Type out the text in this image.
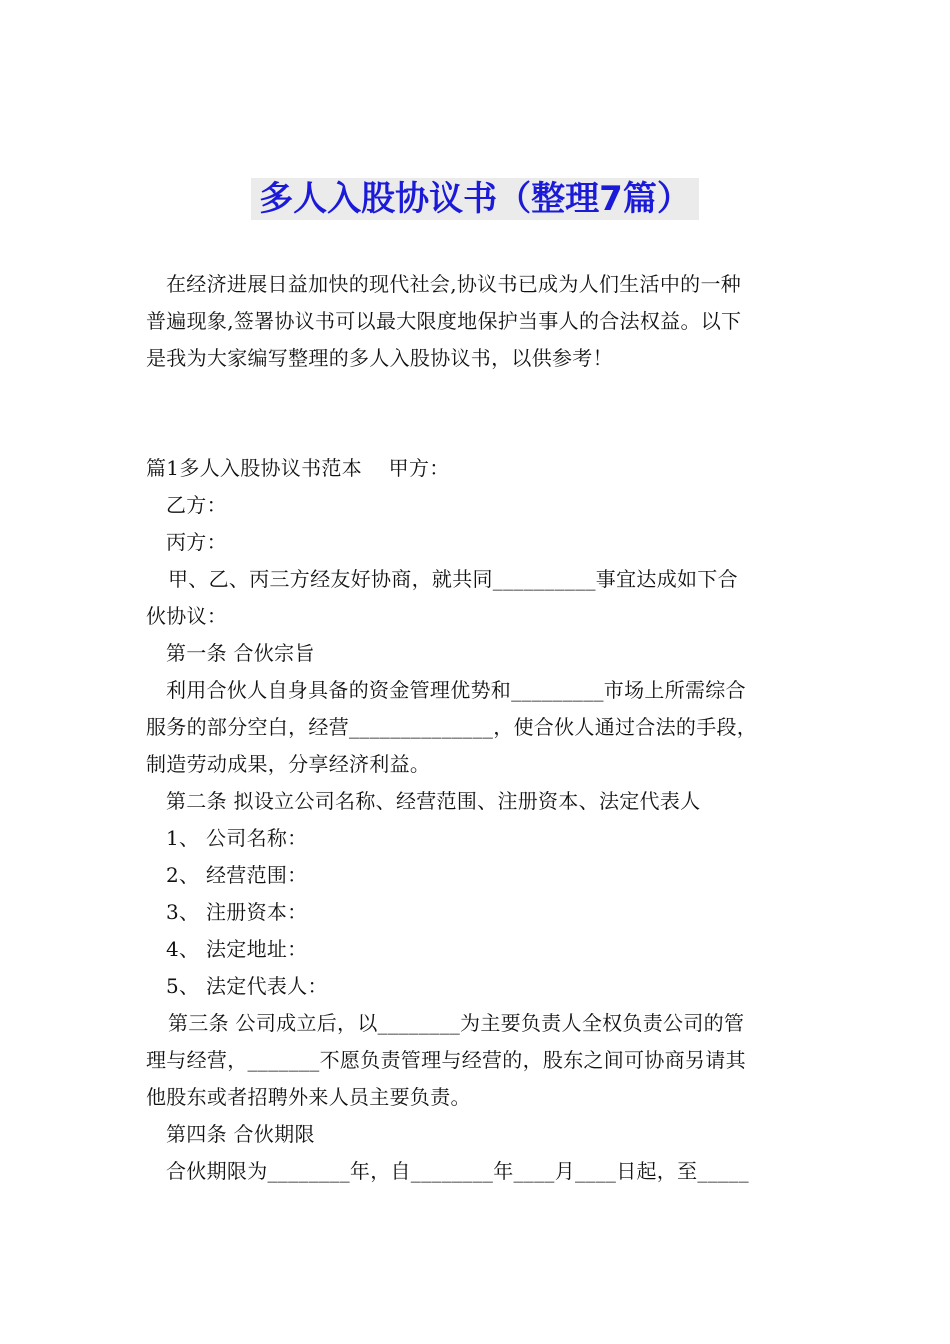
多人入股协议书（整理7篇）
在经济进展日益加快的现代社会,协议书已成为人们生活中的一种
普遍现象,签署协议书可以最大限度地保护当事人的合法权益。以下
是我为大家编写整理的多人入股协议书，以供参考！
篇1多人入股协议书范本    甲方：
乙方：
丙方：
甲、乙、丙三方经友好协商，就共同__________事宜达成如下合
伙协议：
第一条 合伙宗旨
利用合伙人自身具备的资金管理优势和_________市场上所需综合
服务的部分空白，经营______________，使合伙人通过合法的手段，
制造劳动成果，分享经济利益。
第二条 拟设立公司名称、经营范围、注册资本、法定代表人
1、 公司名称：
2、 经营范围：
3、 注册资本：
4、 法定地址：
5、 法定代表人：
第三条 公司成立后，以________为主要负责人全权负责公司的管
理与经营，_______不愿负责管理与经营的，股东之间可协商另请其
他股东或者招聘外来人员主要负责。
第四条 合伙期限
合伙期限为________年，自________年____月____日起，至_____
